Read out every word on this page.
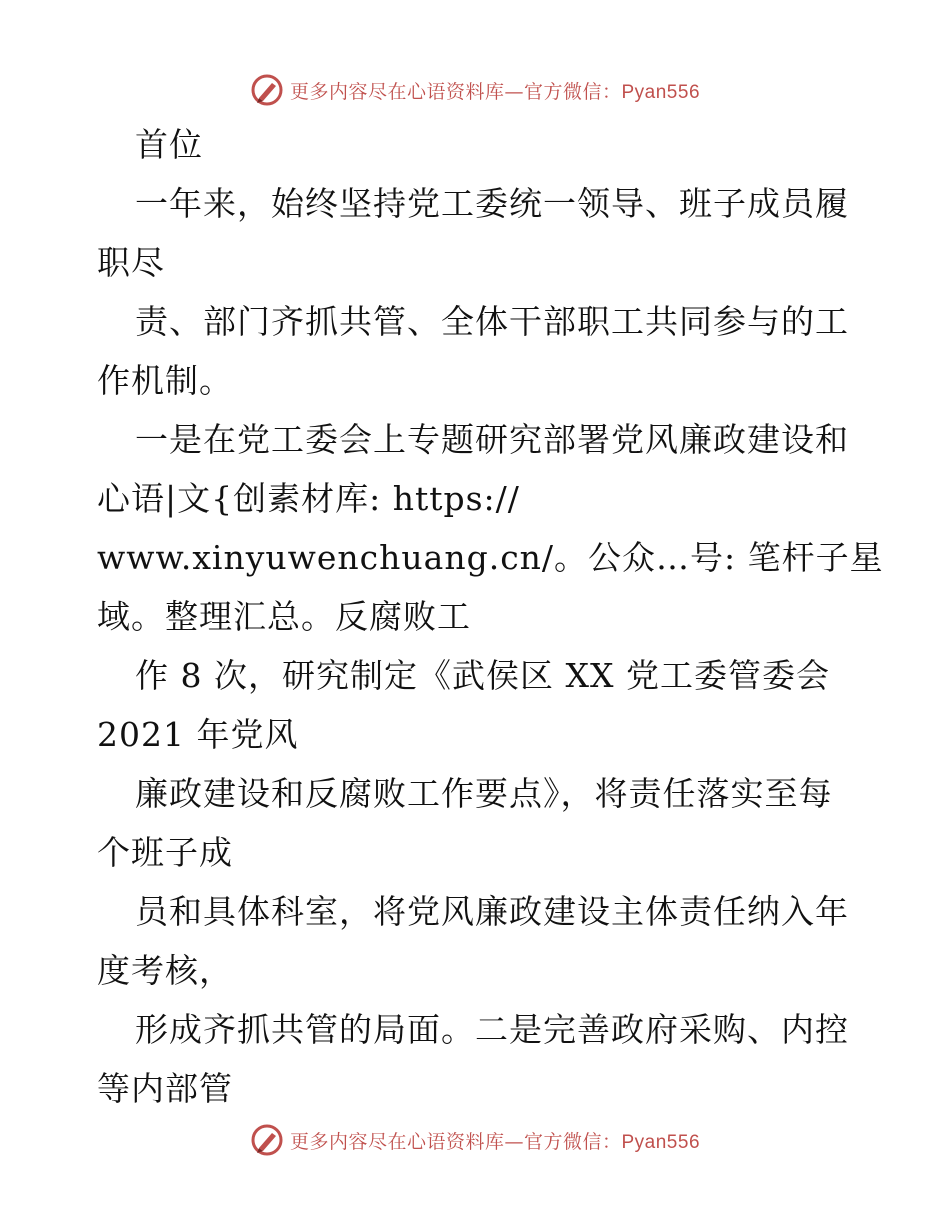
更多内容尽在心语资料库—官方微信：Pyan556
首位
一年来，始终坚持党工委统一领导、班子成员履
职尽
责、部门齐抓共管、全体干部职工共同参与的工
作机制。
一是在党工委会上专题研究部署党风廉政建设和
心语|文{创素材库: https://
www.xinyuwenchuang.cn/。公众…号: 笔杆子星
域。整理汇总。反腐败工
作 8 次，研究制定《武侯区 XX 党工委管委会
2021 年党风
廉政建设和反腐败工作要点》，将责任落实至每
个班子成
员和具体科室，将党风廉政建设主体责任纳入年
度考核，
形成齐抓共管的局面。二是完善政府采购、内控
等内部管
更多内容尽在心语资料库—官方微信：Pyan556
